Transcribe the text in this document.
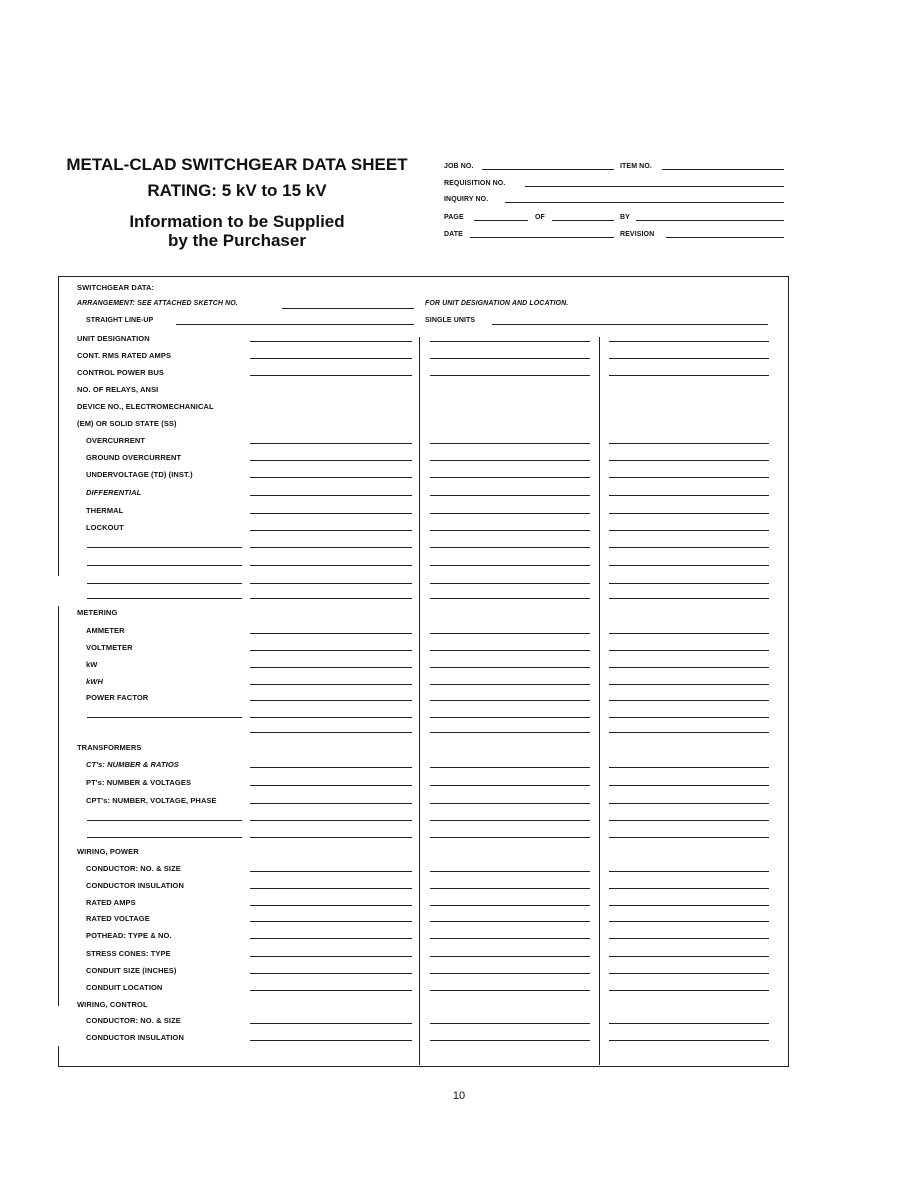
METAL-CLAD SWITCHGEAR DATA SHEET
RATING: 5 kV to 15 kV
Information to be Supplied
by the Purchaser
JOB NO.	ITEM NO.
REQUISITION NO.
INQUIRY NO.
PAGE	OF	BY
DATE	REVISION
SWITCHGEAR DATA:
ARRANGEMENT: SEE ATTACHED SKETCH NO.	FOR UNIT DESIGNATION AND LOCATION.
STRAIGHT LINE-UP	SINGLE UNITS
UNIT DESIGNATION
CONT. RMS RATED AMPS
CONTROL POWER BUS
NO. OF RELAYS, ANSI
DEVICE NO., ELECTROMECHANICAL
(EM) OR SOLID STATE (SS)
OVERCURRENT
GROUND OVERCURRENT
UNDERVOLTAGE (TD) (INST.)
DIFFERENTIAL
THERMAL
LOCKOUT
METERING
AMMETER
VOLTMETER
kW
kWH
POWER FACTOR
TRANSFORMERS
CT's: NUMBER & RATIOS
PT's: NUMBER & VOLTAGES
CPT's: NUMBER, VOLTAGE, PHASE
WIRING, POWER
CONDUCTOR: NO. & SIZE
CONDUCTOR INSULATION
RATED AMPS
RATED VOLTAGE
POTHEAD: TYPE & NO.
STRESS CONES: TYPE
CONDUIT SIZE (INCHES)
CONDUIT LOCATION
WIRING, CONTROL
CONDUCTOR: NO. & SIZE
CONDUCTOR INSULATION
10
